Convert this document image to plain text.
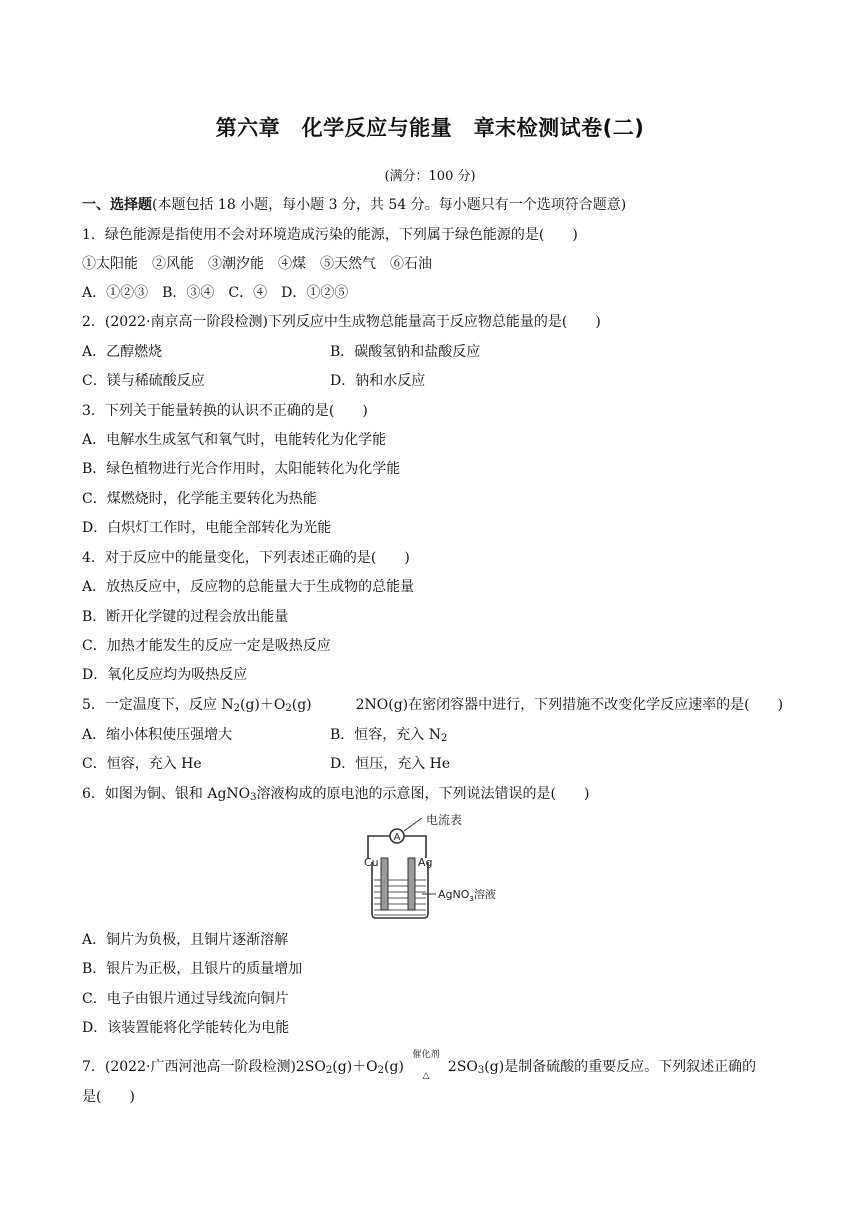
第六章　化学反应与能量　章末检测试卷(二)
(满分：100 分)
一、选择题(本题包括 18 小题，每小题 3 分，共 54 分。每小题只有一个选项符合题意)
1．绿色能源是指使用不会对环境造成污染的能源，下列属于绿色能源的是(　　)
①太阳能　②风能　③潮汐能　④煤　⑤天然气　⑥石油
A．①②③　B．③④　C．④　D．①②⑤
2．(2022·南京高一阶段检测)下列反应中生成物总能量高于反应物总能量的是(　　)
A．乙醇燃烧	B．碳酸氢钠和盐酸反应
C．镁与稀硫酸反应	D．钠和水反应
3．下列关于能量转换的认识不正确的是(　　)
A．电解水生成氢气和氧气时，电能转化为化学能
B．绿色植物进行光合作用时，太阳能转化为化学能
C．煤燃烧时，化学能主要转化为热能
D．白炽灯工作时，电能全部转化为光能
4．对于反应中的能量变化，下列表述正确的是(　　)
A．放热反应中，反应物的总能量大于生成物的总能量
B．断开化学键的过程会放出能量
C．加热才能发生的反应一定是吸热反应
D．氧化反应均为吸热反应
5．一定温度下，反应 $N_2(g)+O_2(g)$	2NO(g)在密闭容器中进行，下列措施不改变化学反应速率的是(　　)
A．缩小体积使压强增大	B．恒容，充入 $N_2$
C．恒容，充入 He	D．恒压，充入 He
6．如图为铜、银和 AgNO$_3$溶液构成的原电池的示意图，下列说法错误的是(　　)
A
电流表
Cu	Ag
AgNO$_3$溶液
A．铜片为负极，且铜片逐渐溶解
B．银片为正极，且银片的质量增加
C．电子由银片通过导线流向铜片
D．该装置能将化学能转化为电能
7．(2022·广西河池高一阶段检测)$2SO_2(g)+O_2(g)$
催化剂
△
$2SO_3(g)$是制备硫酸的重要反应。下列叙述正确的
是(　　)
